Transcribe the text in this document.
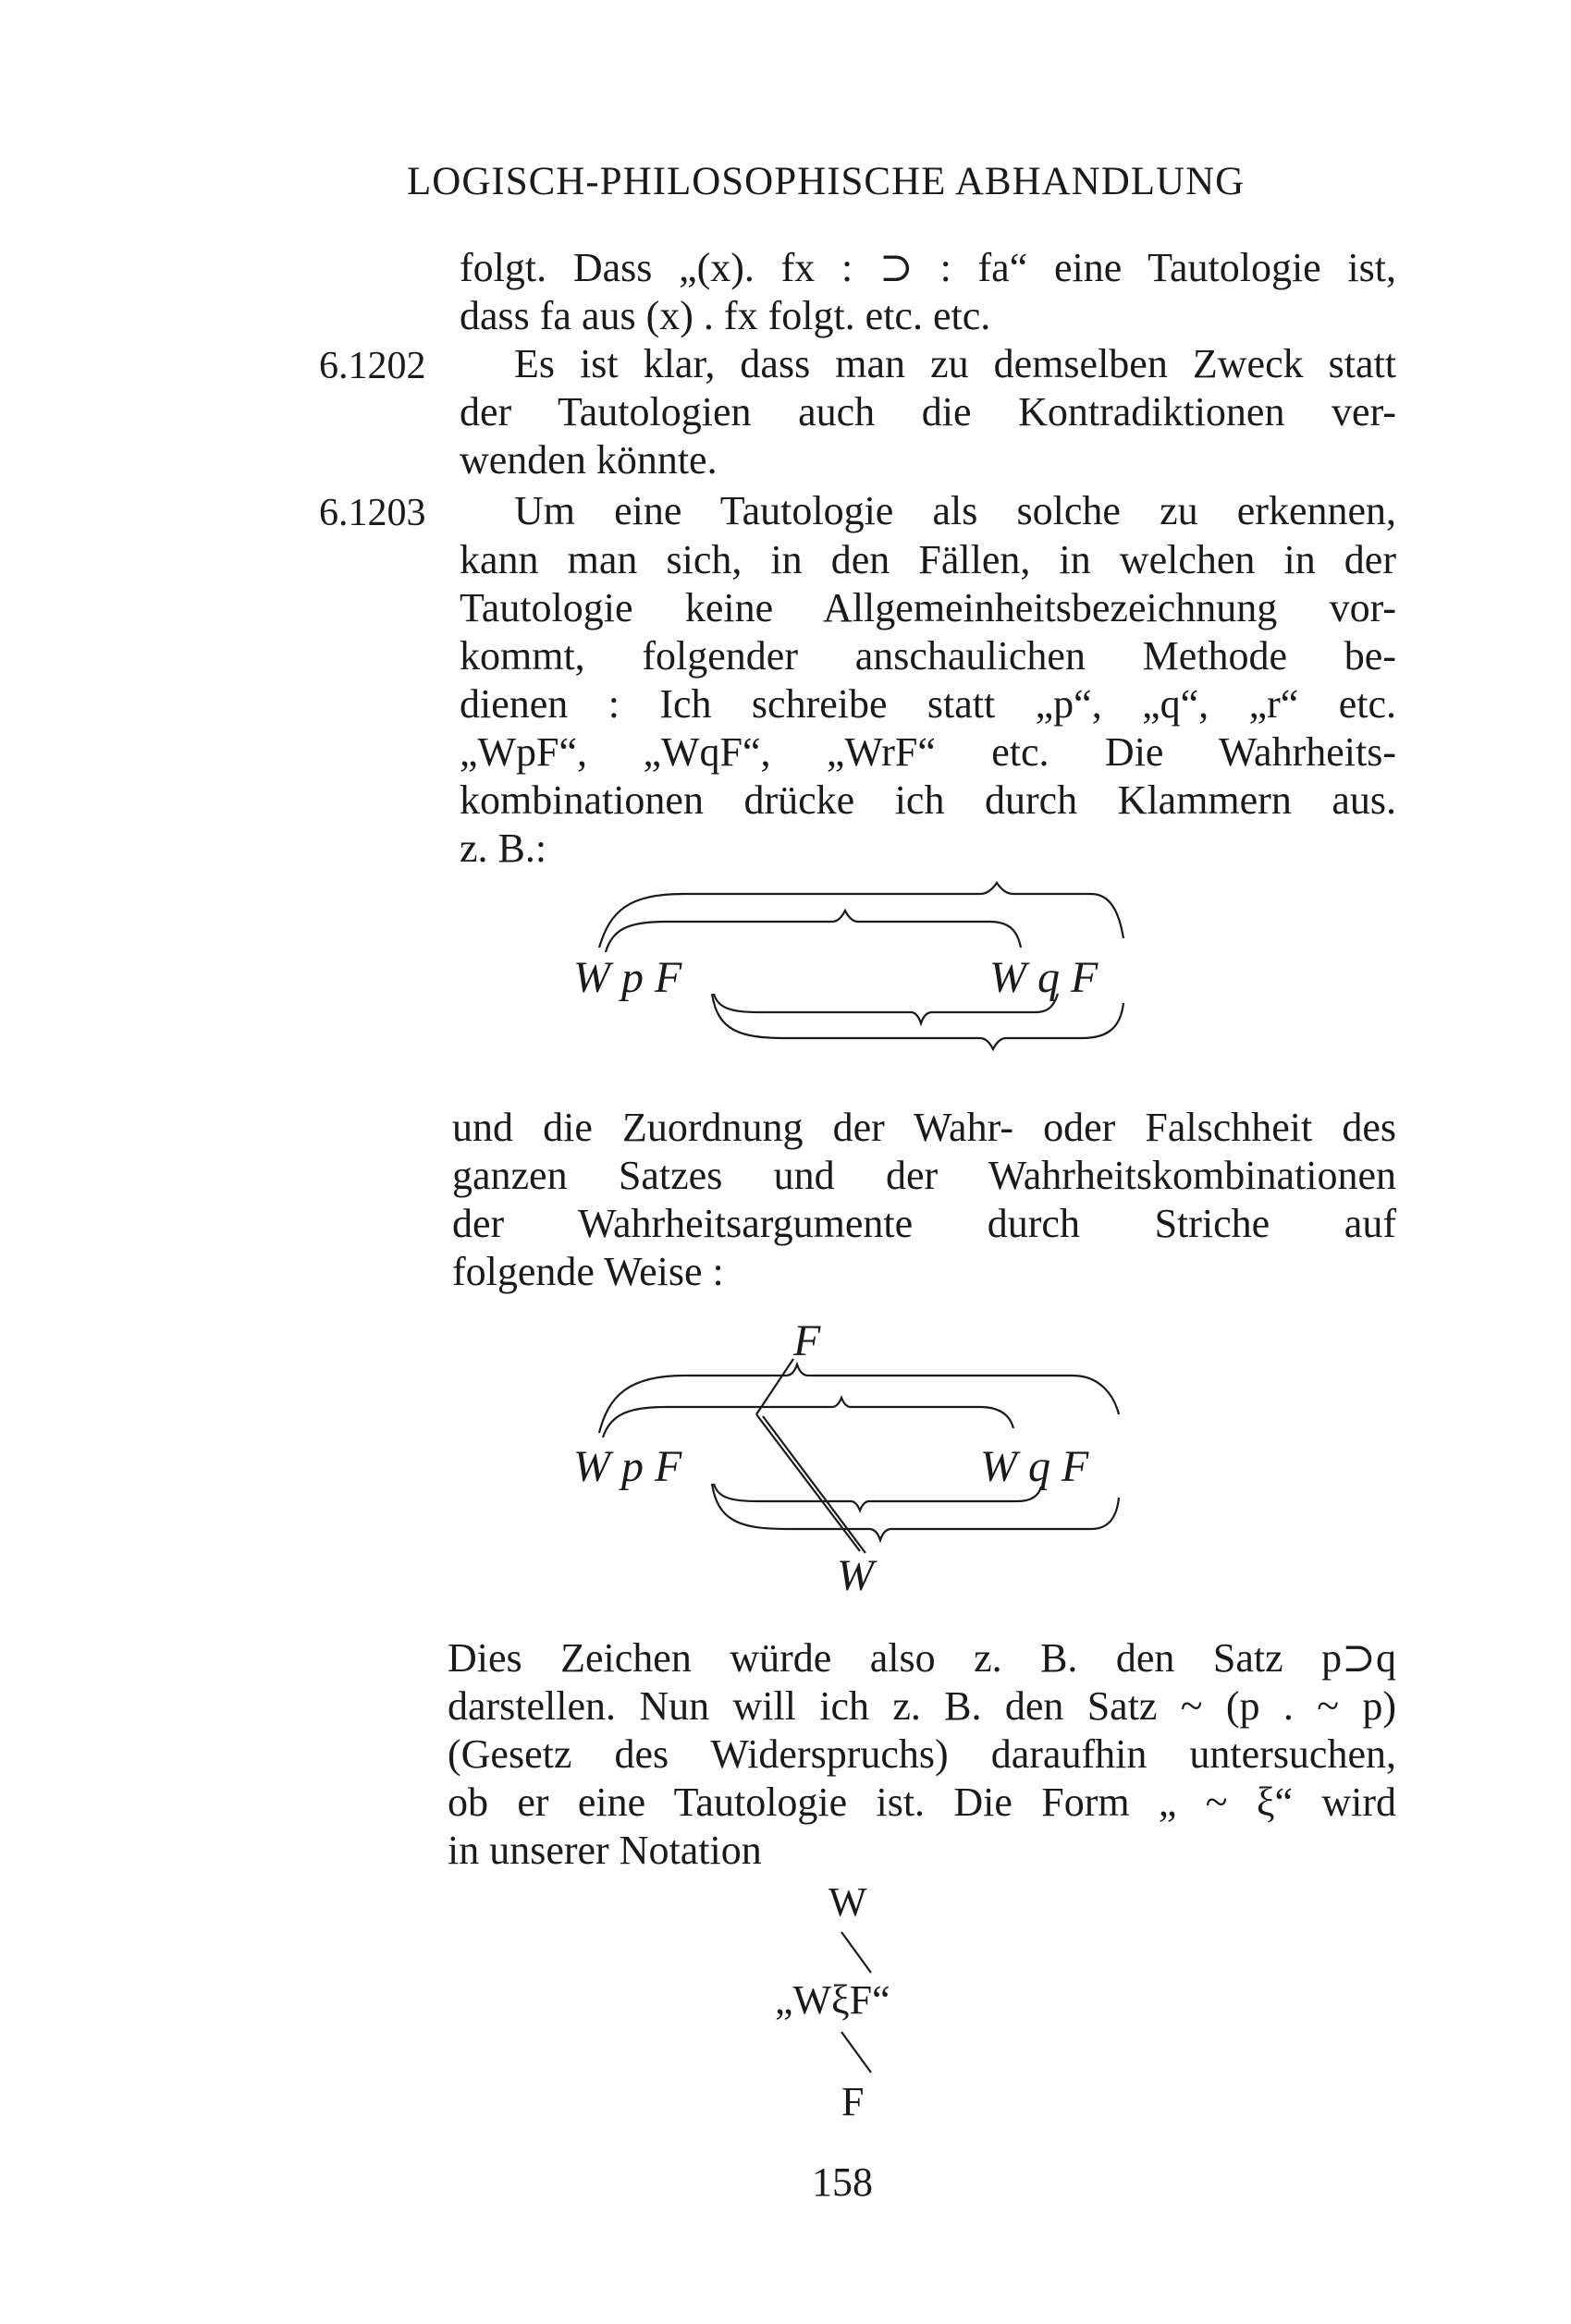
LOGISCH-PHILOSOPHISCHE ABHANDLUNG
folgt. Dass „(x). fx : ⊃ : fa“ eine Tautologie ist,
dass fa aus (x) . fx folgt. etc. etc.
6.1202 Es ist klar, dass man zu demselben Zweck statt
der Tautologien auch die Kontradiktionen ver-
wenden könnte.
6.1203 Um eine Tautologie als solche zu erkennen,
kann man sich, in den Fällen, in welchen in der
Tautologie keine Allgemeinheitsbezeichnung vor-
kommt, folgender anschaulichen Methode be-
dienen : Ich schreibe statt „p“, „q“, „r“ etc.
„WpF“, „WqF“, „WrF“ etc. Die Wahrheits-
kombinationen drücke ich durch Klammern aus.
z. B.:
W p F	W q F
und die Zuordnung der Wahr- oder Falschheit des
ganzen Satzes und der Wahrheitskombinationen
der Wahrheitsargumente durch Striche auf
folgende Weise :
F
W p F	W q F
W
Dies Zeichen würde also z. B. den Satz p⊃q
darstellen. Nun will ich z. B. den Satz ~ (p . ~ p)
(Gesetz des Widerspruchs) daraufhin untersuchen,
ob er eine Tautologie ist. Die Form „ ~ ξ“ wird
in unserer Notation
W
„WξF“
F
158
